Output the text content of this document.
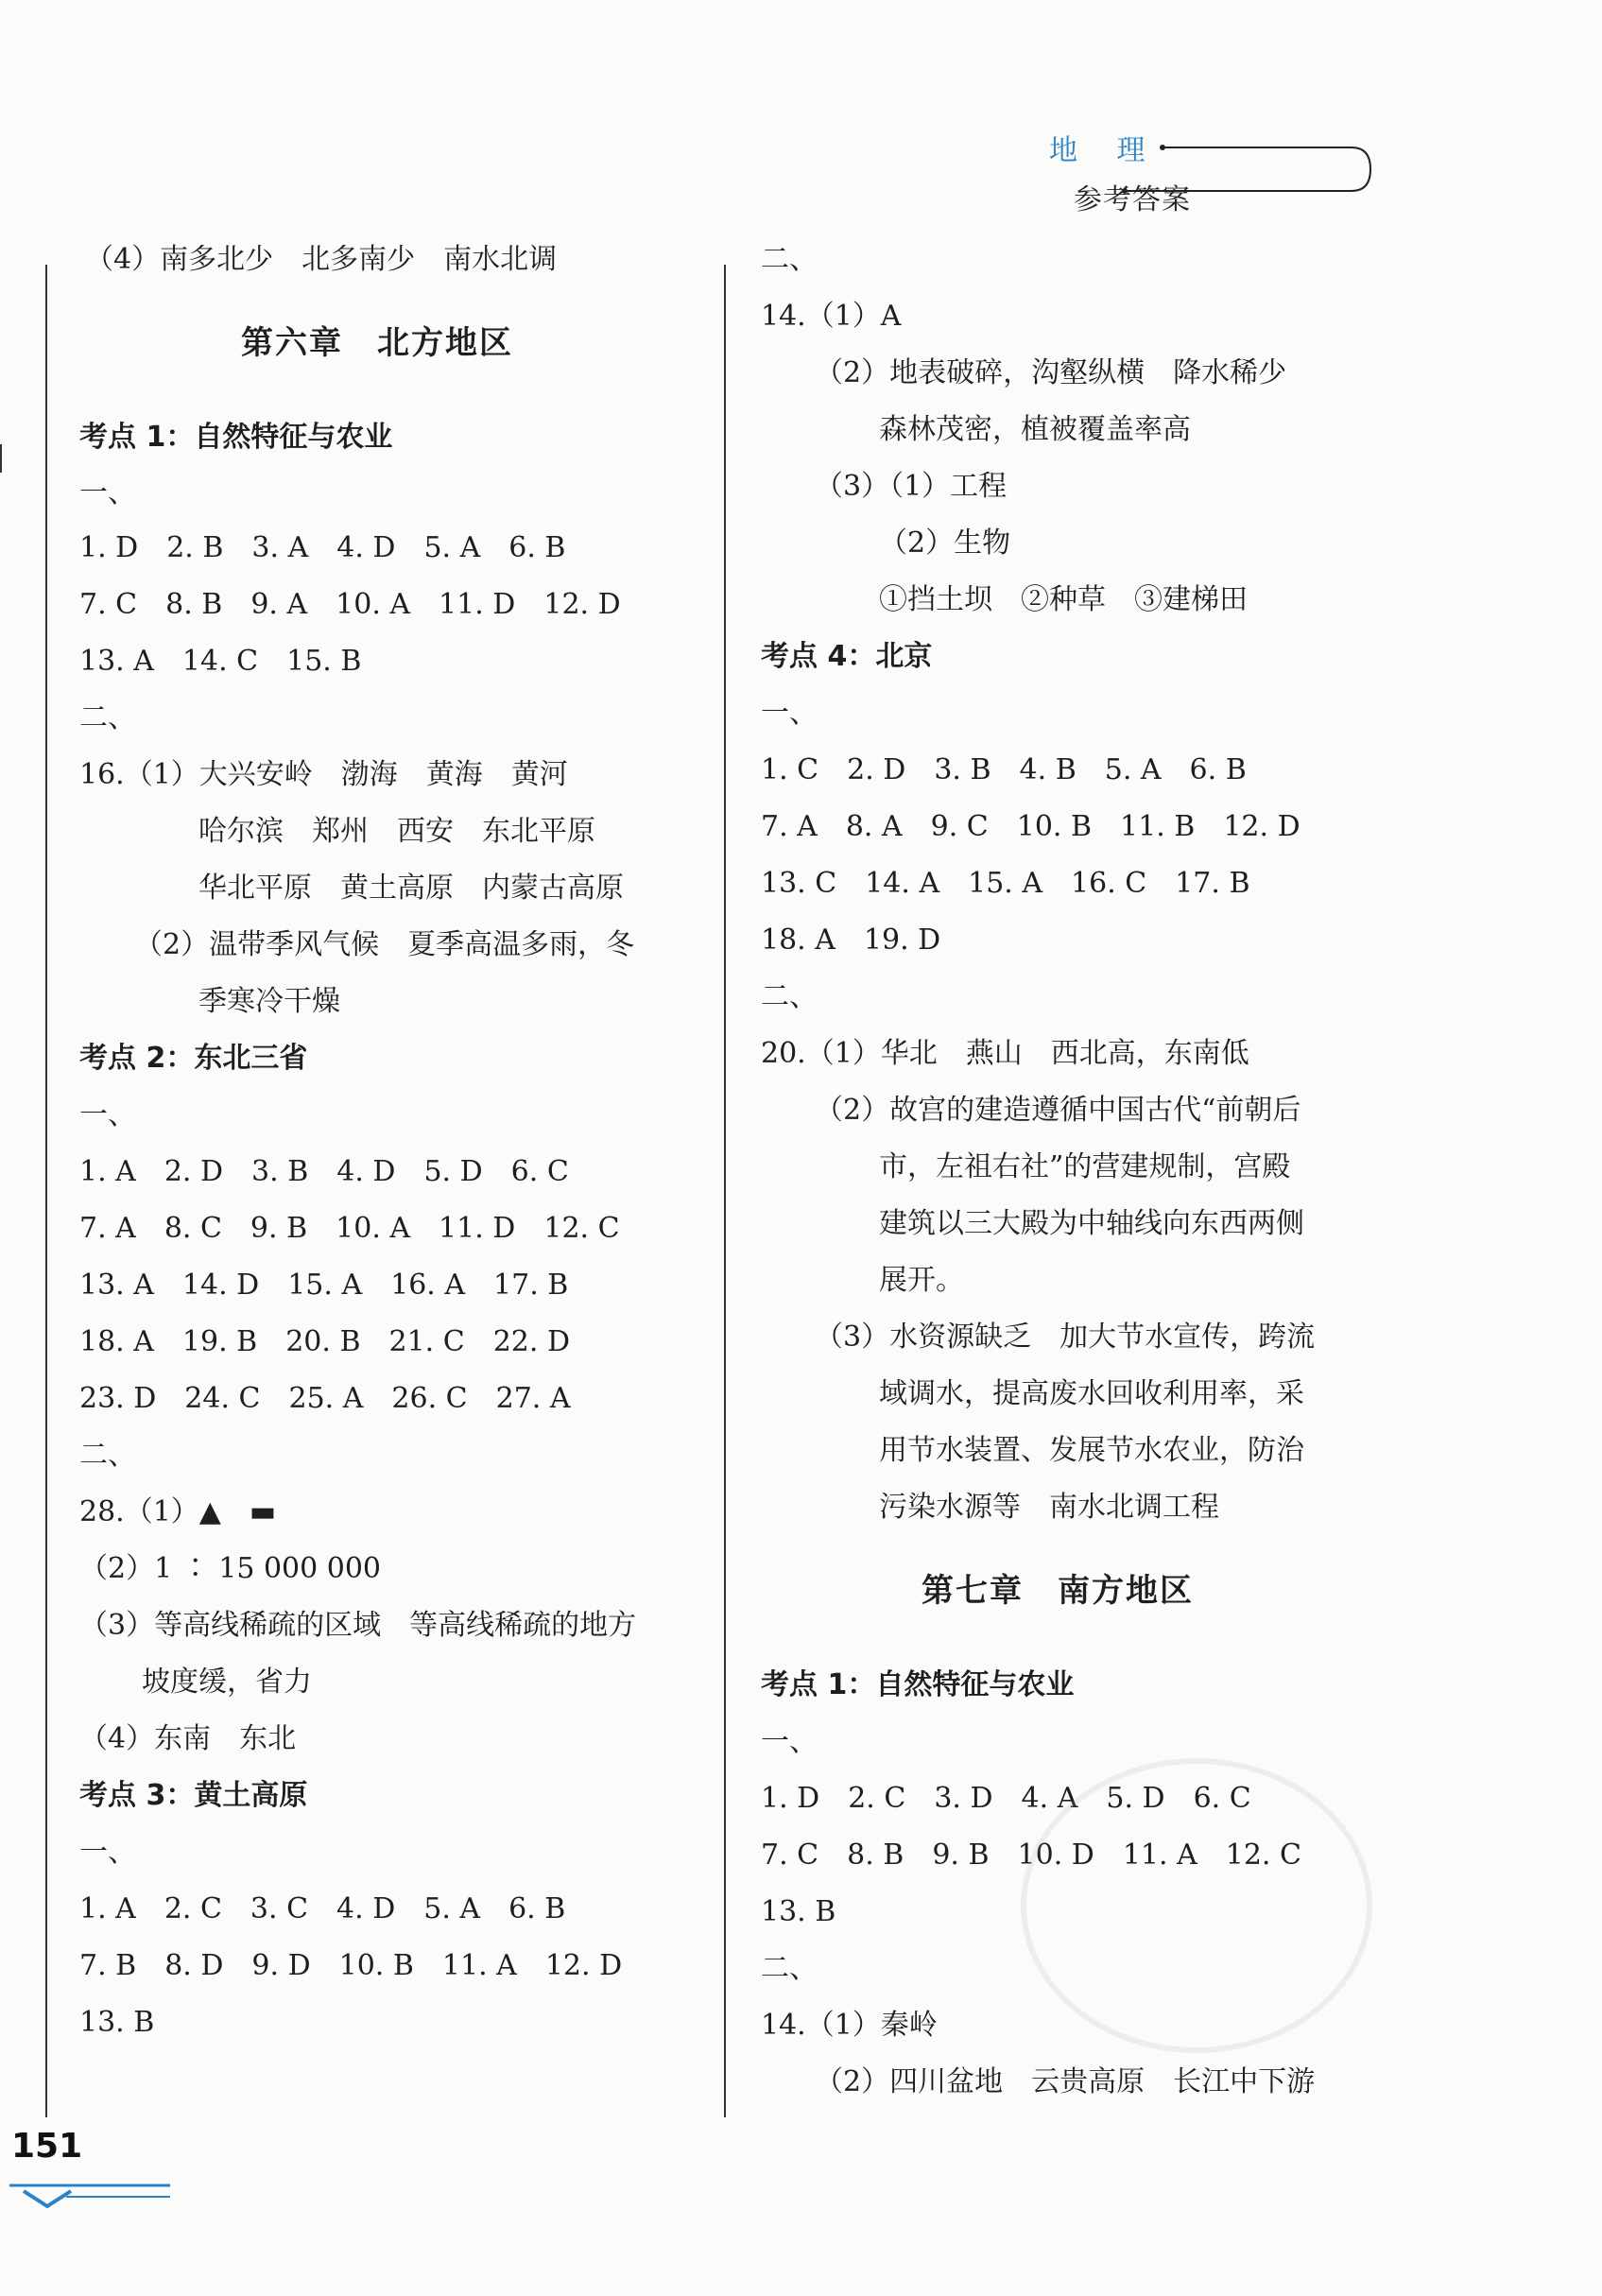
地 理
参考答案
（4）南多北少　北多南少　南水北调
第六章　北方地区
考点 1：自然特征与农业
一、
1. D　2. B　3. A　4. D　5. A　6. B
7. C　8. B　9. A　10. A　11. D　12. D
13. A　14. C　15. B
二、
16.（1）大兴安岭　渤海　黄海　黄河
哈尔滨　郑州　西安　东北平原
华北平原　黄土高原　内蒙古高原
（2）温带季风气候　夏季高温多雨，冬
季寒冷干燥
考点 2：东北三省
一、
1. A　2. D　3. B　4. D　5. D　6. C
7. A　8. C　9. B　10. A　11. D　12. C
13. A　14. D　15. A　16. A　17. B
18. A　19. B　20. B　21. C　22. D
23. D　24. C　25. A　26. C　27. A
二、
28.（1）▲　▬
（2）1 ∶ 15 000 000
（3）等高线稀疏的区域　等高线稀疏的地方
坡度缓，省力
（4）东南　东北
考点 3：黄土高原
一、
1. A　2. C　3. C　4. D　5. A　6. B
7. B　8. D　9. D　10. B　11. A　12. D
13. B
二、
14.（1）A
（2）地表破碎，沟壑纵横　降水稀少
森林茂密，植被覆盖率高
（3）（1）工程
（2）生物
①挡土坝　②种草　③建梯田
考点 4：北京
一、
1. C　2. D　3. B　4. B　5. A　6. B
7. A　8. A　9. C　10. B　11. B　12. D
13. C　14. A　15. A　16. C　17. B
18. A　19. D
二、
20.（1）华北　燕山　西北高，东南低
（2）故宫的建造遵循中国古代“前朝后
市，左祖右社”的营建规制，宫殿
建筑以三大殿为中轴线向东西两侧
展开。
（3）水资源缺乏　加大节水宣传，跨流
域调水，提高废水回收利用率，采
用节水装置、发展节水农业，防治
污染水源等　南水北调工程
第七章　南方地区
考点 1：自然特征与农业
一、
1. D　2. C　3. D　4. A　5. D　6. C
7. C　8. B　9. B　10. D　11. A　12. C
13. B
二、
14.（1）秦岭
（2）四川盆地　云贵高原　长江中下游
151
